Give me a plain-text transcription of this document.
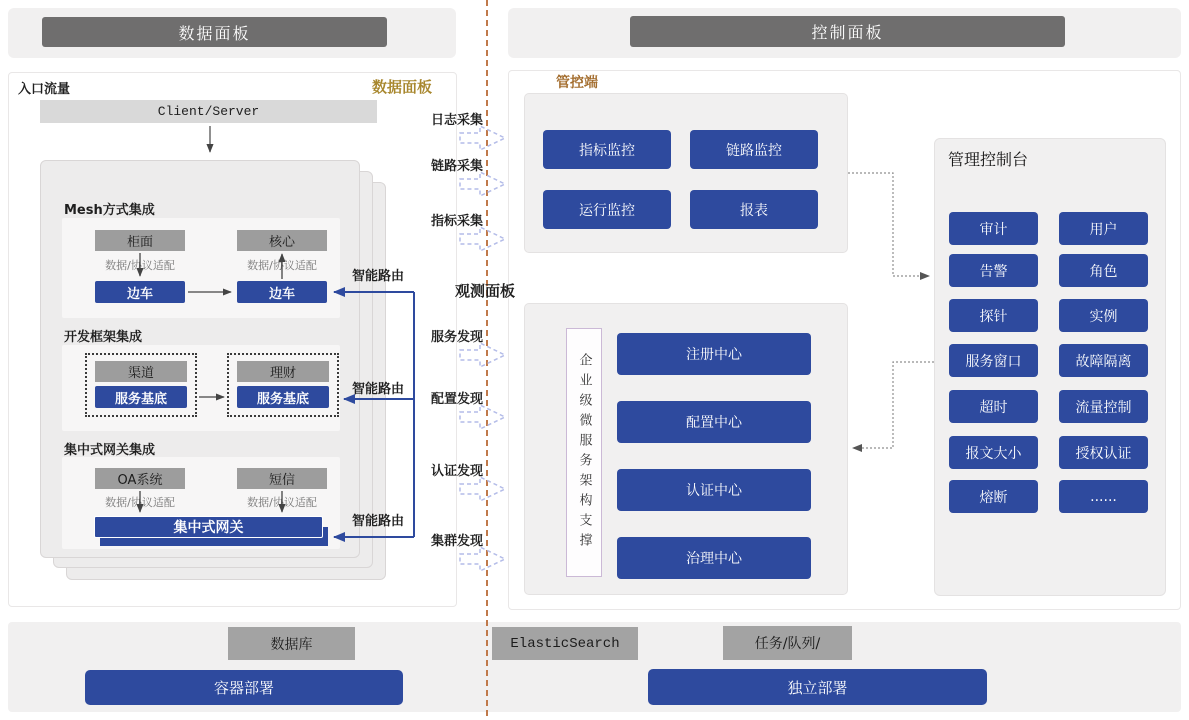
数据面板	控制面板
入口流量	数据面板
Client/Server
Mesh方式集成
柜面	核心
数据/协议适配	数据/协议适配
边车	边车
开发框架集成
渠道	理财
服务基底	服务基底
集中式网关集成
OA系统	短信
数据/协议适配	数据/协议适配
集中式网关
智能路由
智能路由
智能路由
日志采集
链路采集
指标采集
观测面板
服务发现
配置发现
认证发现
集群发现
管控端
指标监控	链路监控
运行监控	报表
企业级微服务架构支撑	注册中心
配置中心
认证中心
治理中心
管理控制台
审计	用户
告警	角色
探针	实例
服务窗口	故障隔离
超时	流量控制
报文大小	授权认证
熔断	......
数据库	ElasticSearch	任务/队列/
容器部署	独立部署
